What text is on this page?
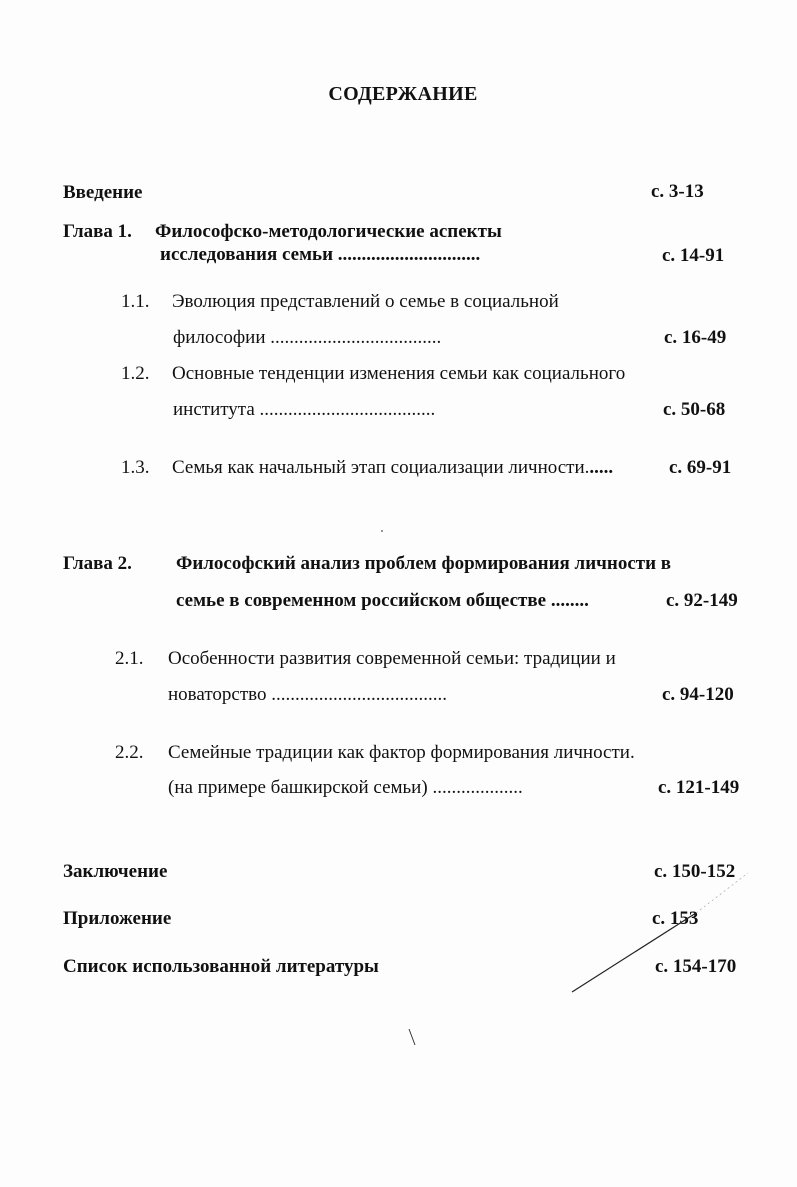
СОДЕРЖАНИЕ
Введение	с. 3-13
Глава 1. Философско-методологические аспекты
исследования семьи ..............................	с. 14-91
1.1. Эволюция представлений о семье в социальной
философии ....................................	с. 16-49
1.2. Основные тенденции изменения семьи как социального
института .....................................	с. 50-68
1.3. Семья как начальный этап социализации личности......	с. 69-91
Глава 2. Философский анализ проблем формирования личности в
семье в современном российском обществе ........	с. 92-149
2.1. Особенности развития современной семьи: традиции и
новаторство .....................................	с. 94-120
2.2. Семейные традиции как фактор формирования личности.
(на примере башкирской семьи) ...................	с. 121-149
Заключение	с. 150-152
Приложение	с. 153
Список использованной литературы	с. 154-170
